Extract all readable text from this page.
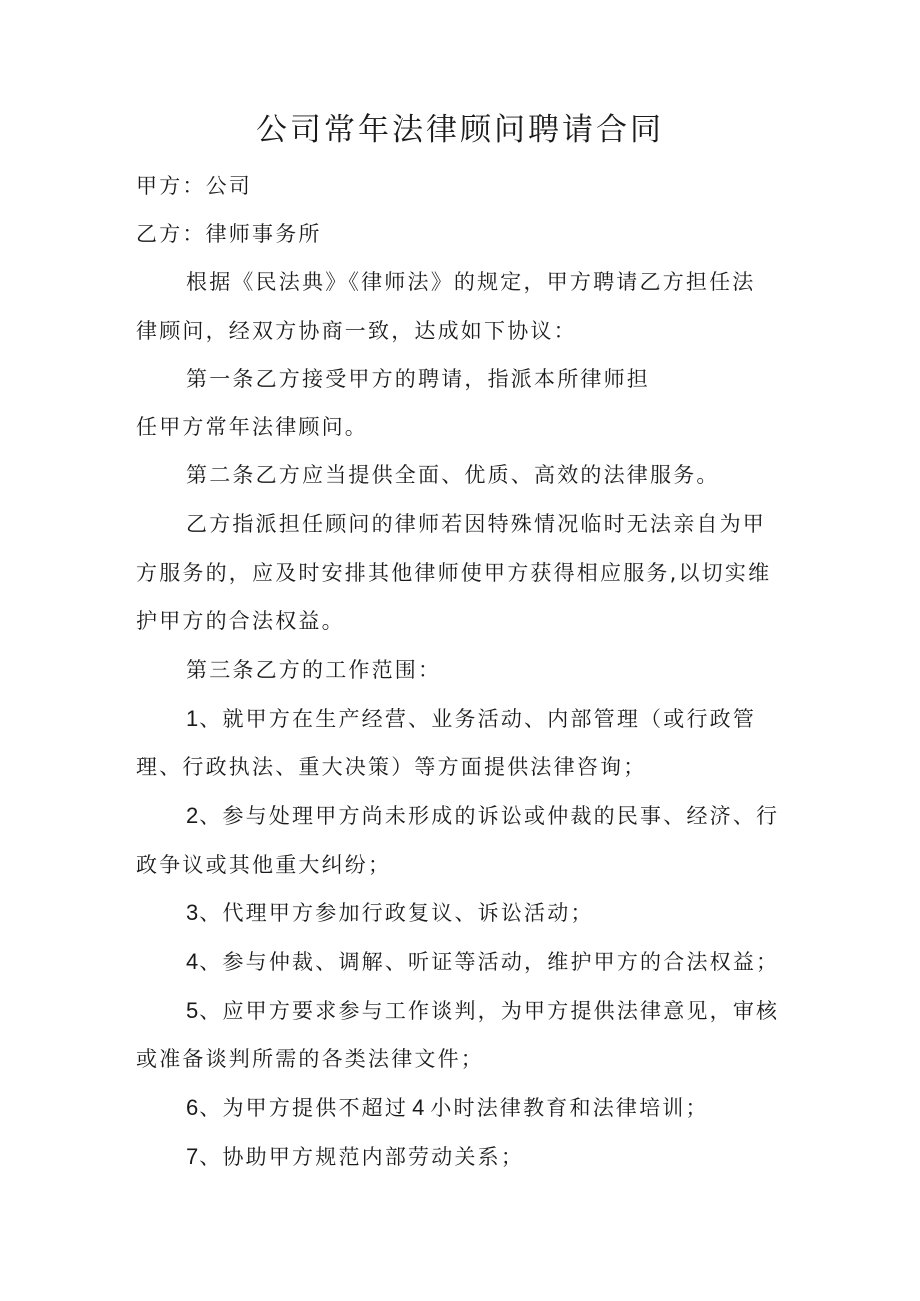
公司常年法律顾问聘请合同
甲方：公司
乙方：律师事务所
根据《民法典》《律师法》的规定，甲方聘请乙方担任法
律顾问，经双方协商一致，达成如下协议：
第一条乙方接受甲方的聘请，指派本所律师担
任甲方常年法律顾问。
第二条乙方应当提供全面、优质、高效的法律服务。
乙方指派担任顾问的律师若因特殊情况临时无法亲自为甲
方服务的，应及时安排其他律师使甲方获得相应服务,以切实维
护甲方的合法权益。
第三条乙方的工作范围：
1、就甲方在生产经营、业务活动、内部管理（或行政管
理、行政执法、重大决策）等方面提供法律咨询；
2、参与处理甲方尚未形成的诉讼或仲裁的民事、经济、行
政争议或其他重大纠纷；
3、代理甲方参加行政复议、诉讼活动；
4、参与仲裁、调解、听证等活动，维护甲方的合法权益；
5、应甲方要求参与工作谈判，为甲方提供法律意见，审核
或准备谈判所需的各类法律文件；
6、为甲方提供不超过 4 小时法律教育和法律培训；
7、协助甲方规范内部劳动关系；
